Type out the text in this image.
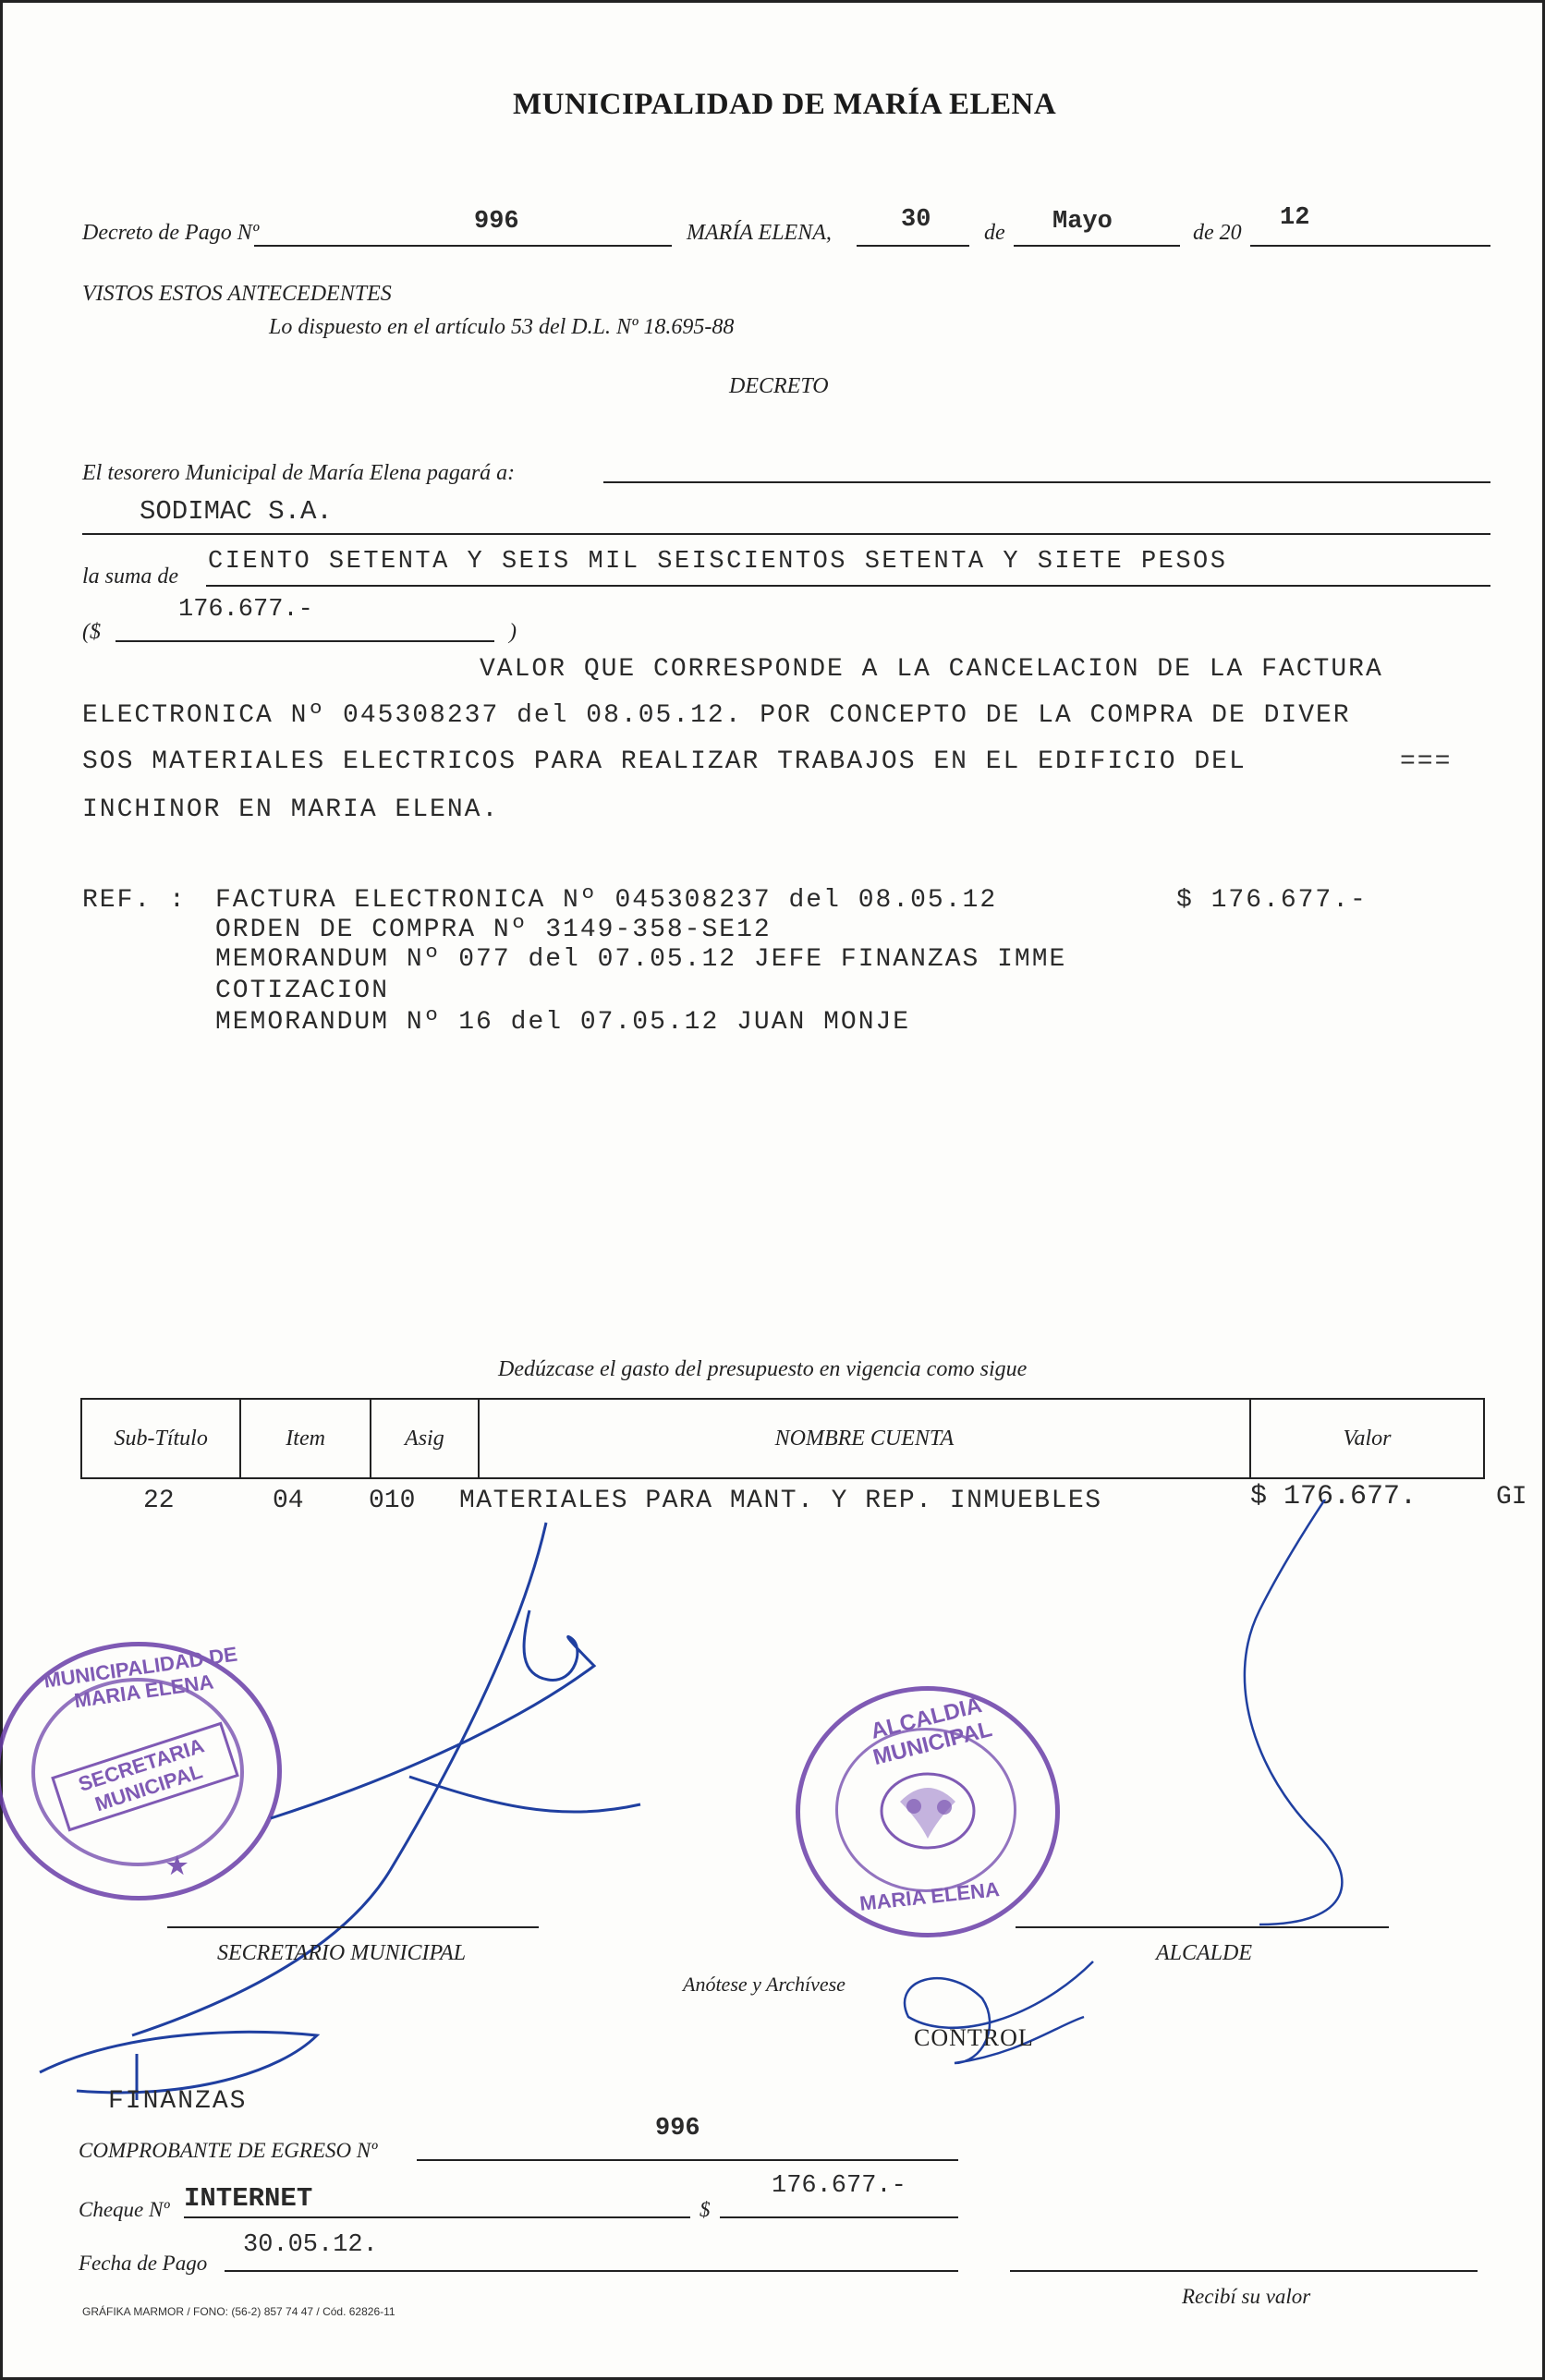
MUNICIPALIDAD DE MARÍA ELENA
Decreto de Pago Nº	996	MARÍA ELENA,	30 de Mayo	de 20
12
VISTOS ESTOS ANTECEDENTES
Lo dispuesto en el artículo 53 del D.L. Nº 18.695-88
DECRETO
El tesorero Municipal de María Elena pagará a:
SODIMAC S.A.
la suma de
CIENTO SETENTA Y SEIS MIL SEISCIENTOS SETENTA Y SIETE PESOS
($
176.677.-
)
VALOR QUE CORRESPONDE A LA CANCELACION DE LA FACTURA
ELECTRONICA Nº 045308237 del 08.05.12. POR CONCEPTO DE LA COMPRA DE DIVER
SOS MATERIALES ELECTRICOS PARA REALIZAR TRABAJOS EN EL EDIFICIO DEL	===
INCHINOR EN MARIA ELENA.
REF. : FACTURA ELECTRONICA Nº 045308237 del 08.05.12
ORDEN DE COMPRA Nº 3149-358-SE12
MEMORANDUM Nº 077 del 07.05.12 JEFE FINANZAS IMME
COTIZACION
MEMORANDUM Nº 16 del 07.05.12 JUAN MONJE
$ 176.677.-
Dedúzcase el gasto del presupuesto en vigencia como sigue
Sub-Título	Item	Asig	NOMBRE CUENTA	Valor
22	04	010 MATERIALES PARA MANT. Y REP. INMUEBLES	$ 176.677.	GI
MUNICIPALIDAD DE MARIA ELENA
SECRETARIA MUNICIPAL
★
ALCALDIA MUNICIPAL
MARIA ELENA
SECRETARIO MUNICIPAL	ALCALDE
Anótese y Archívese
CONTROL
FINANZAS
COMPROBANTE DE EGRESO Nº
996
Cheque Nº INTERNET	$
176.677.-
Fecha de Pago
30.05.12.
Recibí su valor
GRÁFIKA MARMOR / FONO: (56-2) 857 74 47 / Cód. 62826-11
